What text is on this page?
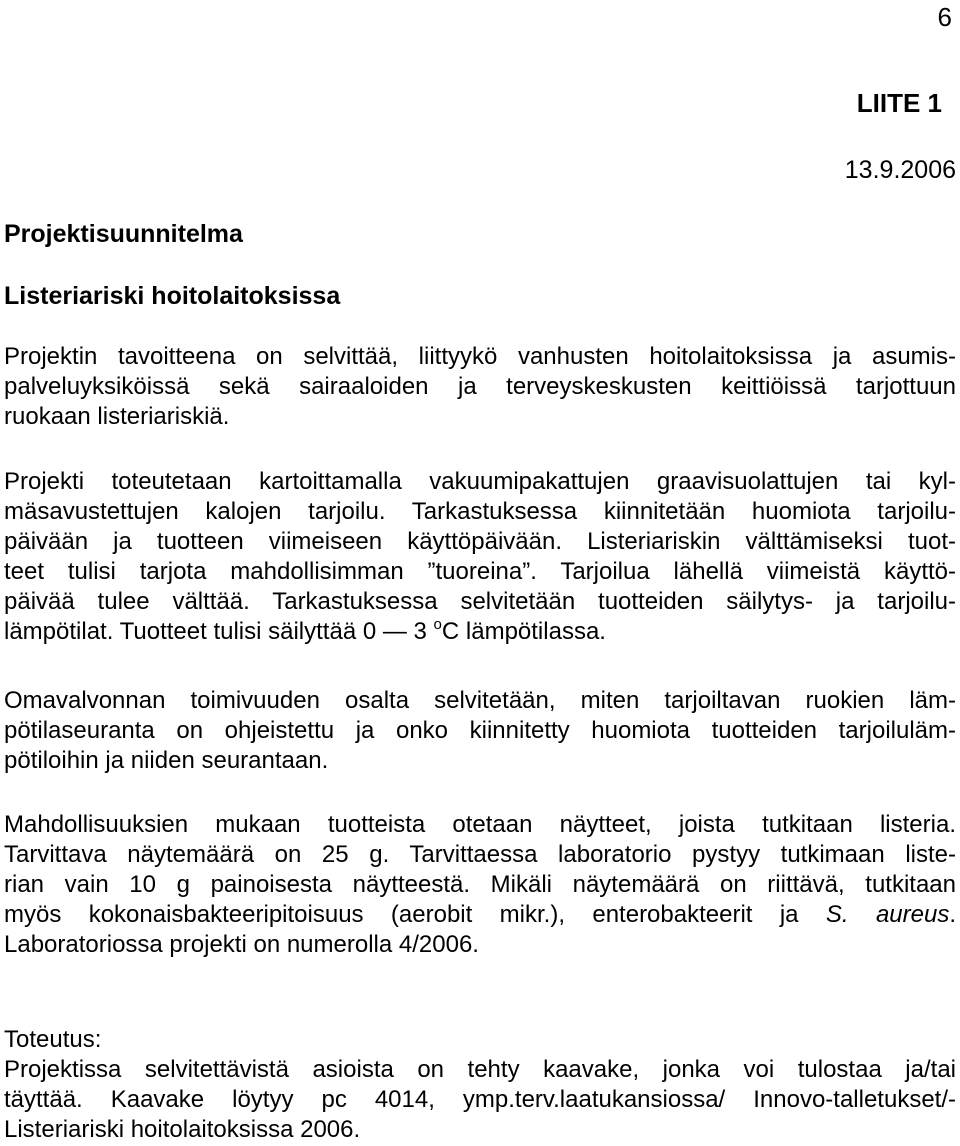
6
LIITE 1
13.9.2006
Projektisuunnitelma
Listeriariski hoitolaitoksissa
Projektin tavoitteena on selvittää, liittyykö vanhusten hoitolaitoksissa ja asumis-
palveluyksiköissä sekä sairaaloiden ja terveyskeskusten keittiöissä tarjottuun
ruokaan listeriariskiä.
Projekti toteutetaan kartoittamalla vakuumipakattujen graavisuolattujen tai kyl-
mäsavustettujen kalojen tarjoilu. Tarkastuksessa kiinnitetään huomiota tarjoilu-
päivään ja tuotteen viimeiseen käyttöpäivään. Listeriariskin välttämiseksi tuot-
teet tulisi tarjota mahdollisimman ”tuoreina”. Tarjoilua lähellä viimeistä käyttö-
päivää tulee välttää. Tarkastuksessa selvitetään tuotteiden säilytys- ja tarjoilu-
lämpötilat. Tuotteet tulisi säilyttää 0 — 3 $^o$C lämpötilassa.
Omavalvonnan toimivuuden osalta selvitetään, miten tarjoiltavan ruokien läm-
pötilaseuranta on ohjeistettu ja onko kiinnitetty huomiota tuotteiden tarjoiluläm-
pötiloihin ja niiden seurantaan.
Mahdollisuuksien mukaan tuotteista otetaan näytteet, joista tutkitaan listeria.
Tarvittava näytemäärä on 25 g. Tarvittaessa laboratorio pystyy tutkimaan liste-
rian vain 10 g painoisesta näytteestä. Mikäli näytemäärä on riittävä, tutkitaan
myös kokonaisbakteeripitoisuus (aerobit mikr.), enterobakteerit ja S. aureus.
Laboratoriossa projekti on numerolla 4/2006.
Toteutus:
Projektissa selvitettävistä asioista on tehty kaavake, jonka voi tulostaa ja/tai
täyttää. Kaavake löytyy pc 4014, ymp.terv.laatukansiossa/ Innovo-talletukset/-
Listeriariski hoitolaitoksissa 2006.
